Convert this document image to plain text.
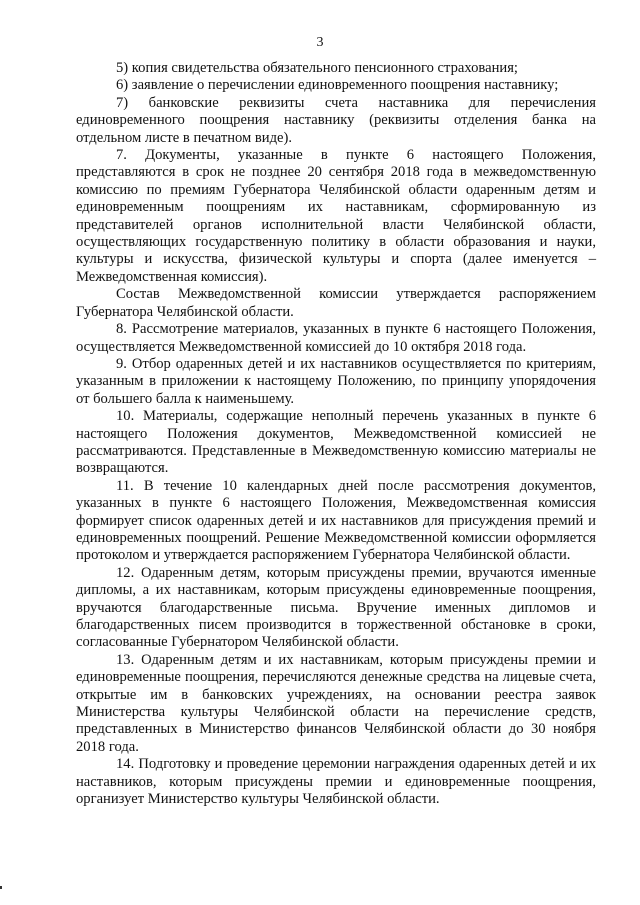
3

5) копия свидетельства обязательного пенсионного страхования;

6) заявление о перечислении единовременного поощрения наставнику;

7) банковские реквизиты счета наставника для перечисления единовременного поощрения наставнику (реквизиты отделения банка на отдельном листе в печатном виде).

7. Документы, указанные в пункте 6 настоящего Положения, представляются в срок не позднее 20 сентября 2018 года в межведомственную комиссию по премиям Губернатора Челябинской области одаренным детям и единовременным поощрениям их наставникам, сформированную из представителей органов исполнительной власти Челябинской области, осуществляющих государственную политику в области образования и науки, культуры и искусства, физической культуры и спорта (далее именуется – Межведомственная комиссия).

Состав Межведомственной комиссии утверждается распоряжением Губернатора Челябинской области.

8. Рассмотрение материалов, указанных в пункте 6 настоящего Положения, осуществляется Межведомственной комиссией до 10 октября 2018 года.

9. Отбор одаренных детей и их наставников осуществляется по критериям, указанным в приложении к настоящему Положению, по принципу упорядочения от большего балла к наименьшему.

10. Материалы, содержащие неполный перечень указанных в пункте 6 настоящего Положения документов, Межведомственной комиссией не рассматриваются. Представленные в Межведомственную комиссию материалы не возвращаются.

11. В течение 10 календарных дней после рассмотрения документов, указанных в пункте 6 настоящего Положения, Межведомственная комиссия формирует список одаренных детей и их наставников для присуждения премий и единовременных поощрений. Решение Межведомственной комиссии оформляется протоколом и утверждается распоряжением Губернатора Челябинской области.

12. Одаренным детям, которым присуждены премии, вручаются именные дипломы, а их наставникам, которым присуждены единовременные поощрения, вручаются благодарственные письма. Вручение именных дипломов и благодарственных писем производится в торжественной обстановке в сроки, согласованные Губернатором Челябинской области.

13. Одаренным детям и их наставникам, которым присуждены премии и единовременные поощрения, перечисляются денежные средства на лицевые счета, открытые им в банковских учреждениях, на основании реестра заявок Министерства культуры Челябинской области на перечисление средств, представленных в Министерство финансов Челябинской области до 30 ноября 2018 года.

14. Подготовку и проведение церемонии награждения одаренных детей и их наставников, которым присуждены премии и единовременные поощрения, организует Министерство культуры Челябинской области.
